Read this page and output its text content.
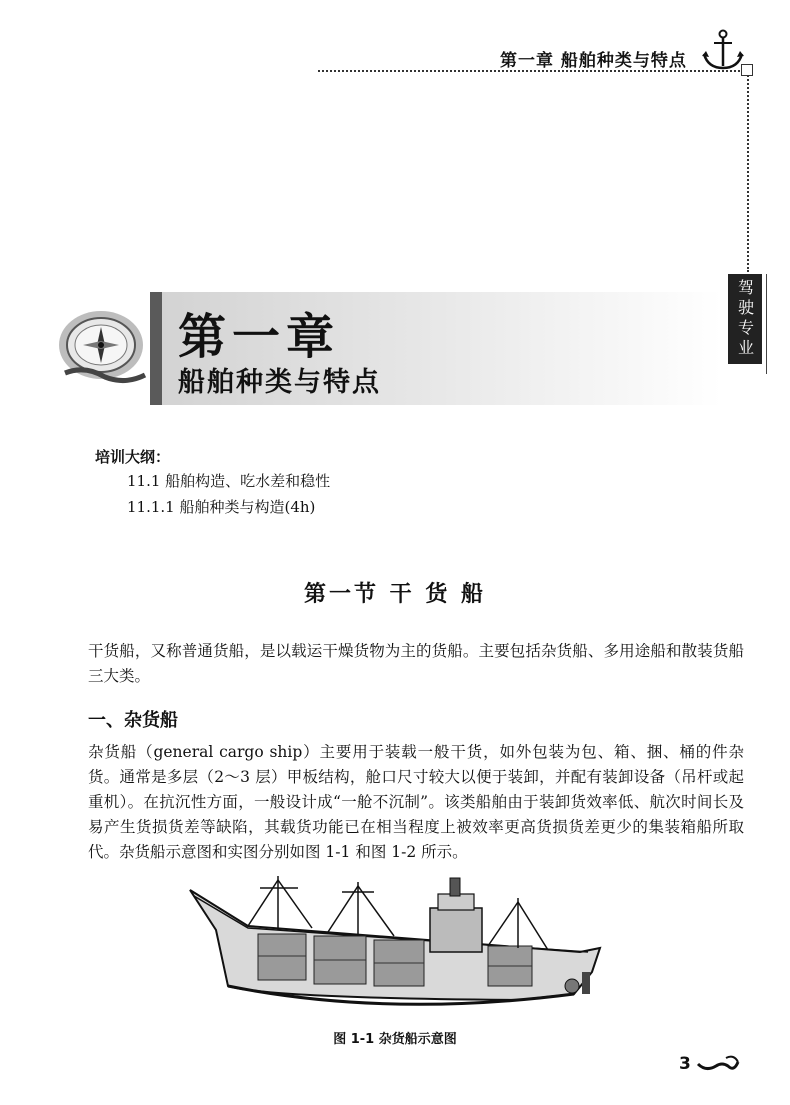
第一章 船舶种类与特点
驾驶专业
第一章
船舶种类与特点
培训大纲：
11.1 船舶构造、吃水差和稳性
11.1.1 船舶种类与构造(4h)
第一节 干 货 船
干货船，又称普通货船，是以载运干燥货物为主的货船。主要包括杂货船、多用途船和散装货船三大类。
一、杂货船
杂货船（general cargo ship）主要用于装载一般干货，如外包装为包、箱、捆、桶的件杂货。通常是多层（2～3 层）甲板结构，舱口尺寸较大以便于装卸，并配有装卸设备（吊杆或起重机）。在抗沉性方面，一般设计成“一舱不沉制”。该类船舶由于装卸货效率低、航次时间长及易产生货损货差等缺陷，其载货功能已在相当程度上被效率更高货损货差更少的集装箱船所取代。杂货船示意图和实图分别如图 1-1 和图 1-2 所示。
图 1-1 杂货船示意图
3
